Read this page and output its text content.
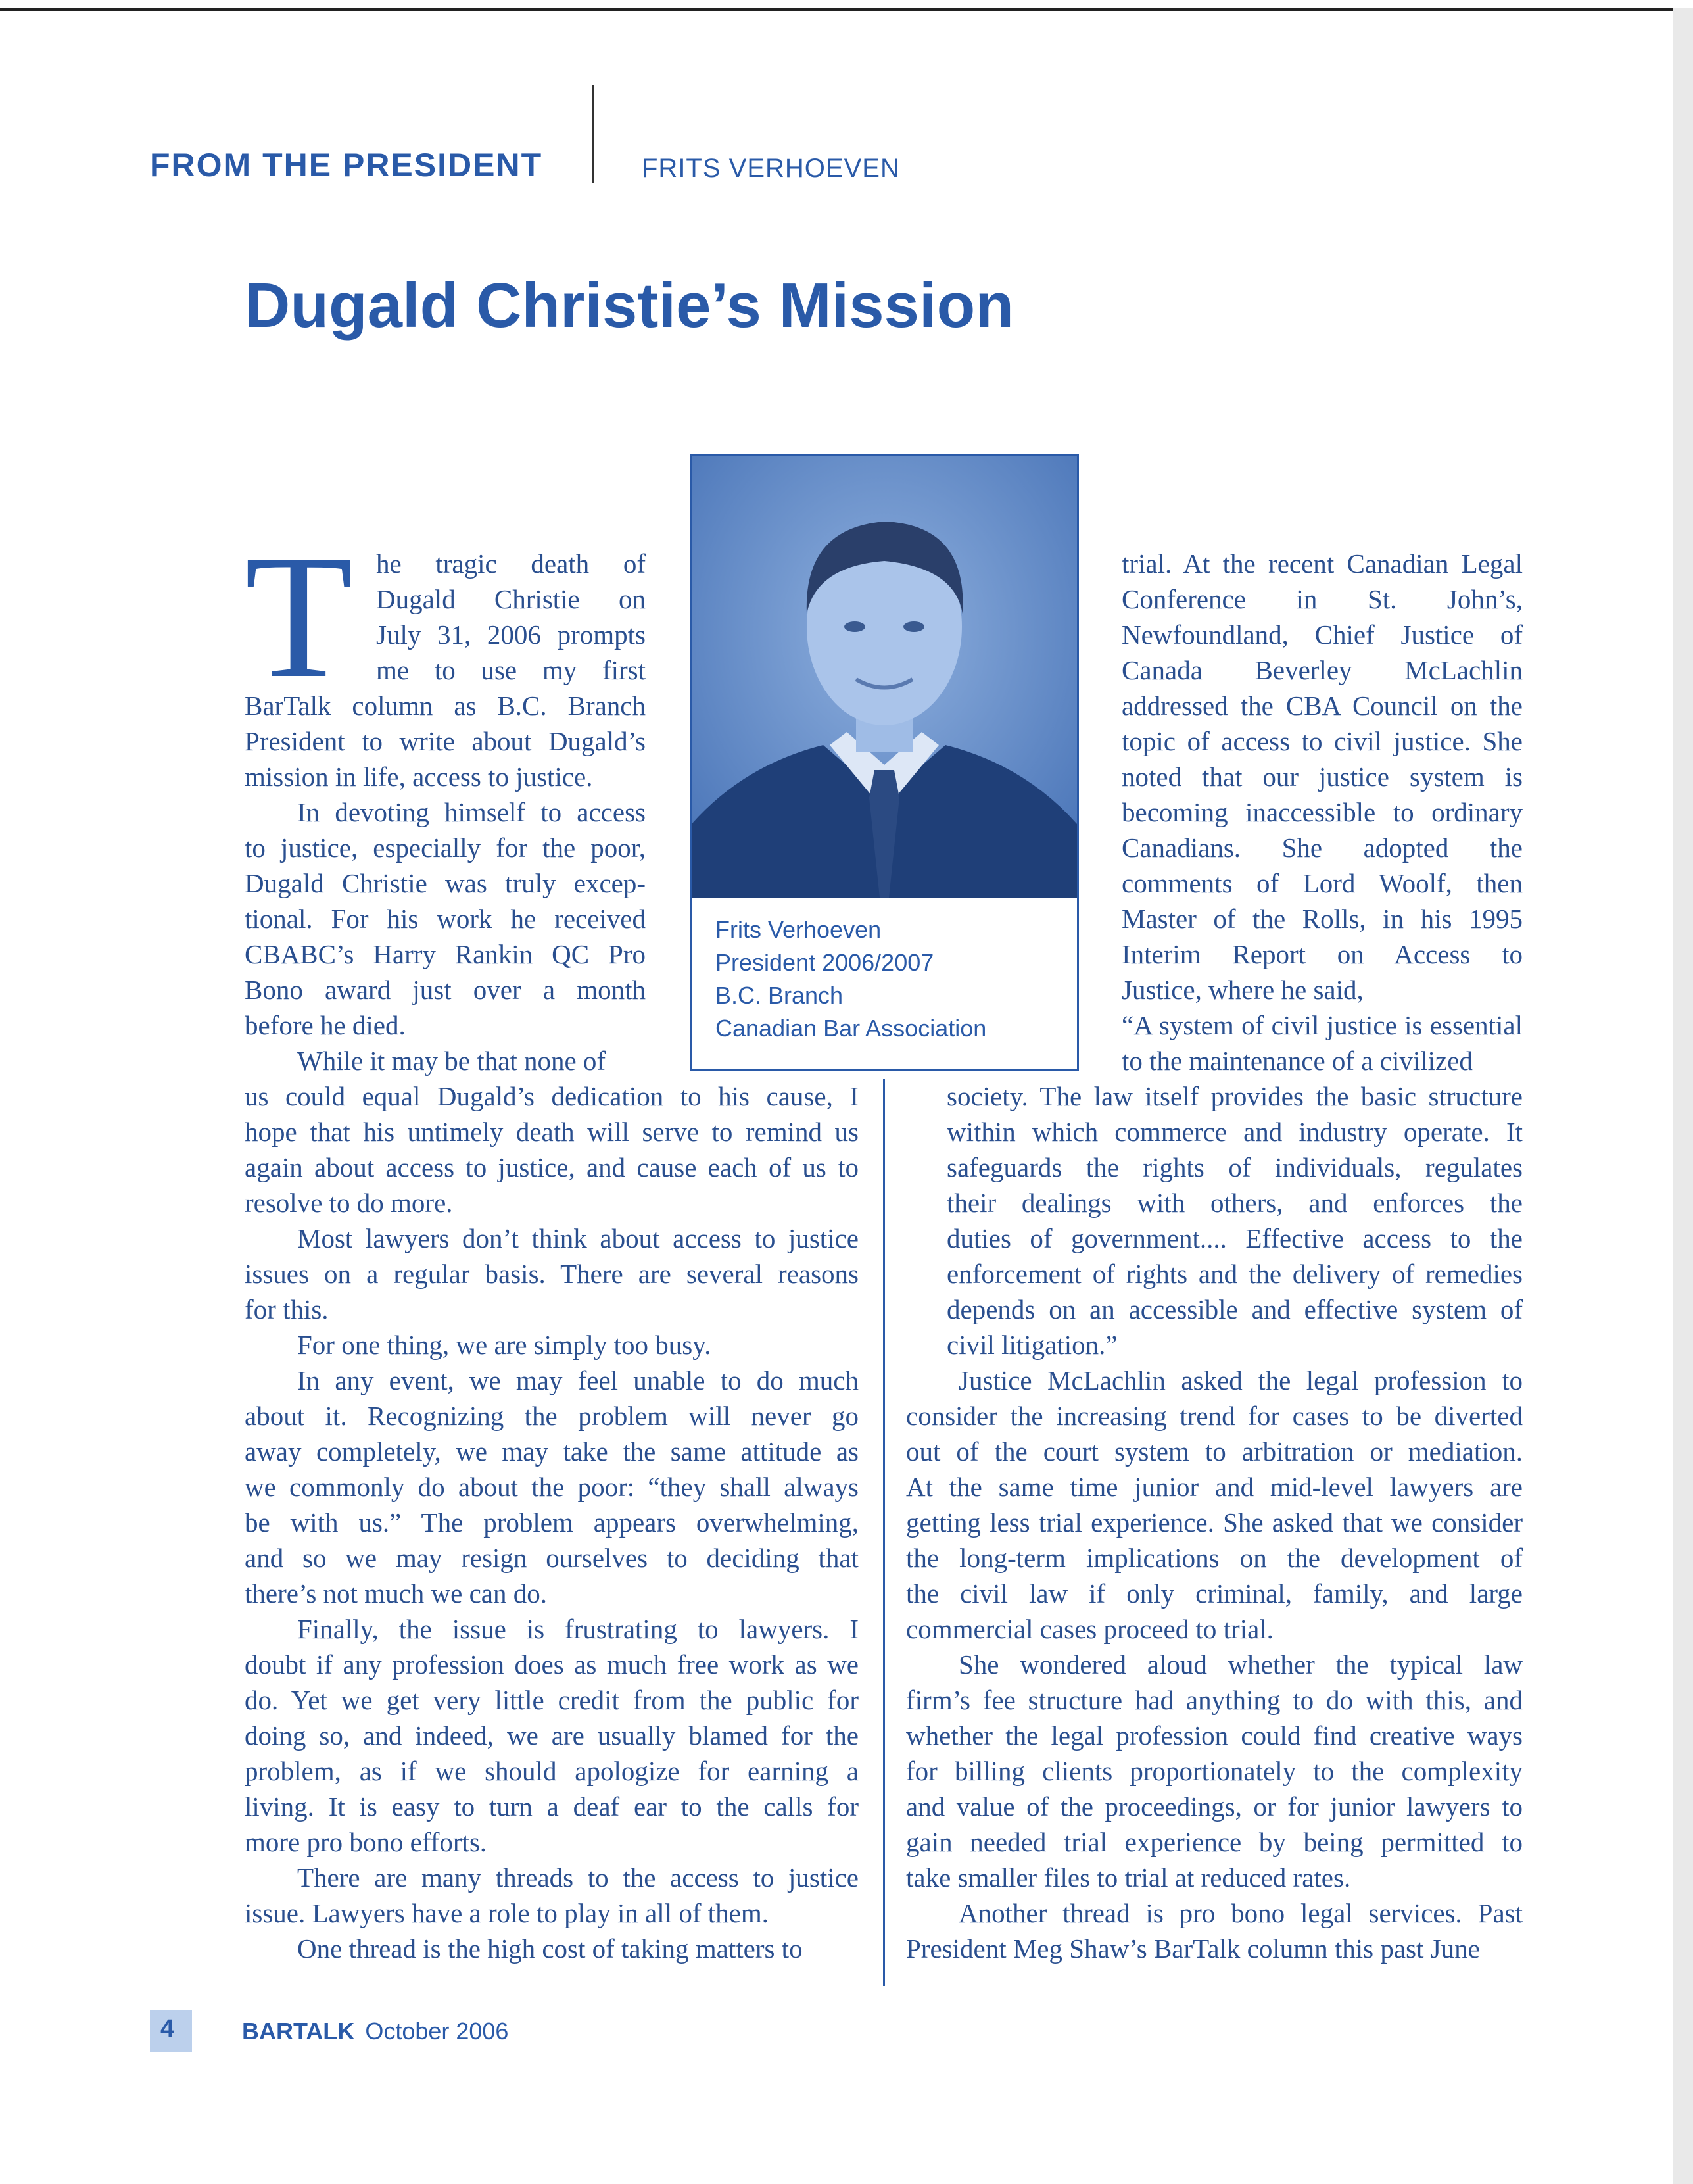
FROM THE PRESIDENT	FRITS VERHOEVEN
Dugald Christie’s Mission
T he tragic death of
Dugald Christie on
July 31, 2006 prompts
me to use my first
BarTalk column as B.C. Branch
President to write about Dugald’s
mission in life, access to justice.
In devoting himself to access
to justice, especially for the poor,
Dugald Christie was truly excep-
tional. For his work he received
CBABC’s Harry Rankin QC Pro
Bono award just over a month
before he died.
While it may be that none of
us could equal Dugald’s dedication to his cause, I
hope that his untimely death will serve to remind us
again about access to justice, and cause each of us to
resolve to do more.
Most lawyers don’t think about access to justice
issues on a regular basis. There are several reasons
for this.
For one thing, we are simply too busy.
In any event, we may feel unable to do much
about it. Recognizing the problem will never go
away completely, we may take the same attitude as
we commonly do about the poor: “they shall always
be with us.” The problem appears overwhelming,
and so we may resign ourselves to deciding that
there’s not much we can do.
Finally, the issue is frustrating to lawyers. I
doubt if any profession does as much free work as we
do. Yet we get very little credit from the public for
doing so, and indeed, we are usually blamed for the
problem, as if we should apologize for earning a
living. It is easy to turn a deaf ear to the calls for
more pro bono efforts.
There are many threads to the access to justice
issue. Lawyers have a role to play in all of them.
One thread is the high cost of taking matters to
Frits Verhoeven
President 2006/2007
B.C. Branch
Canadian Bar Association
trial. At the recent Canadian Legal
Conference in St. John’s,
Newfoundland, Chief Justice of
Canada Beverley McLachlin
addressed the CBA Council on the
topic of access to civil justice. She
noted that our justice system is
becoming inaccessible to ordinary
Canadians. She adopted the
comments of Lord Woolf, then
Master of the Rolls, in his 1995
Interim Report on Access to
Justice, where he said,
“A system of civil justice is essential
to the maintenance of a civilized
society. The law itself provides the basic structure
within which commerce and industry operate. It
safeguards the rights of individuals, regulates
their dealings with others, and enforces the
duties of government.... Effective access to the
enforcement of rights and the delivery of remedies
depends on an accessible and effective system of
civil litigation.”
Justice McLachlin asked the legal profession to
consider the increasing trend for cases to be diverted
out of the court system to arbitration or mediation.
At the same time junior and mid-level lawyers are
getting less trial experience. She asked that we consider
the long-term implications on the development of
the civil law if only criminal, family, and large
commercial cases proceed to trial.
She wondered aloud whether the typical law
firm’s fee structure had anything to do with this, and
whether the legal profession could find creative ways
for billing clients proportionately to the complexity
and value of the proceedings, or for junior lawyers to
gain needed trial experience by being permitted to
take smaller files to trial at reduced rates.
Another thread is pro bono legal services. Past
President Meg Shaw’s BarTalk column this past June
4	BARTALK October 2006
